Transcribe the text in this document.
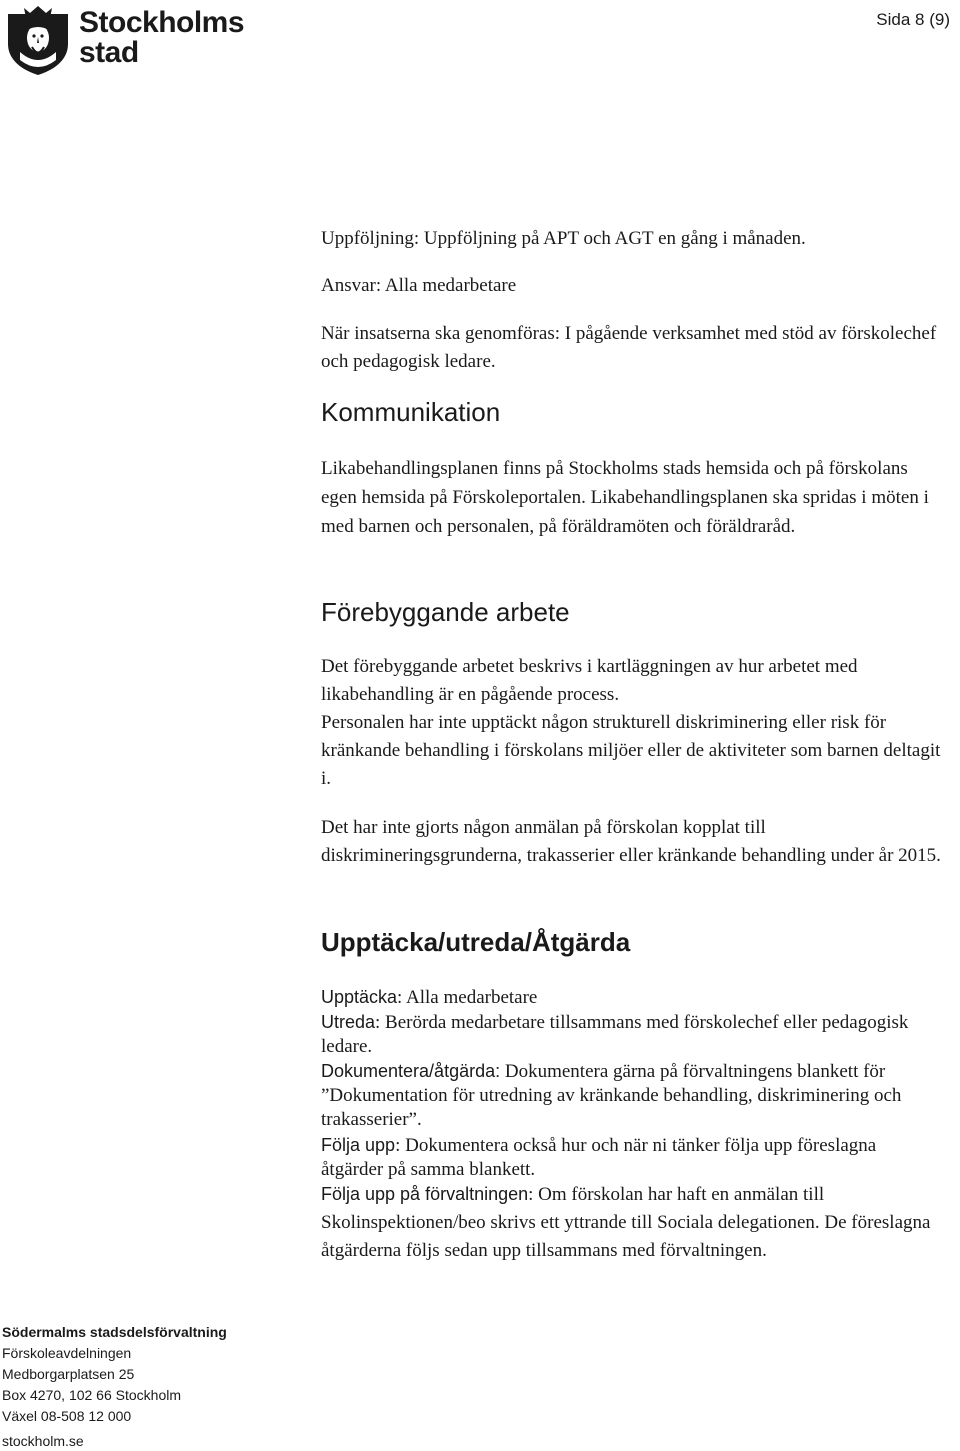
Stockholms
stad
Sida 8 (9)

Uppföljning: Uppföljning på APT och AGT en gång i månaden.

Ansvar: Alla medarbetare

När insatserna ska genomföras: I pågående verksamhet med stöd av förskolechef och pedagogisk ledare.

Kommunikation

Likabehandlingsplanen finns på Stockholms stads hemsida och på förskolans egen hemsida på Förskoleportalen. Likabehandlingsplanen ska spridas i möten i med barnen och personalen, på föräldramöten och föräldraråd.

Förebyggande arbete

Det förebyggande arbetet beskrivs i kartläggningen av hur arbetet med likabehandling är en pågående process.

Personalen har inte upptäckt någon strukturell diskriminering eller risk för kränkande behandling i förskolans miljöer eller de aktiviteter som barnen deltagit i.

Det har inte gjorts någon anmälan på förskolan kopplat till diskrimineringsgrunderna, trakasserier eller kränkande behandling under år 2015.

Upptäcka/utreda/Åtgärda

Upptäcka: Alla medarbetare

Utreda: Berörda medarbetare tillsammans med förskolechef eller pedagogisk ledare.

Dokumentera/åtgärda: Dokumentera gärna på förvaltningens blankett för ”Dokumentation för utredning av kränkande behandling, diskriminering och trakasserier”.

Följa upp: Dokumentera också hur och när ni tänker följa upp föreslagna åtgärder på samma blankett.

Följa upp på förvaltningen: Om förskolan har haft en anmälan till Skolinspektionen/beo skrivs ett yttrande till Sociala delegationen. De föreslagna åtgärderna följs sedan upp tillsammans med förvaltningen.

Södermalms stadsdelsförvaltning
Förskoleavdelningen
Medborgarplatsen 25
Box 4270, 102 66 Stockholm
Växel 08-508 12 000
stockholm.se
